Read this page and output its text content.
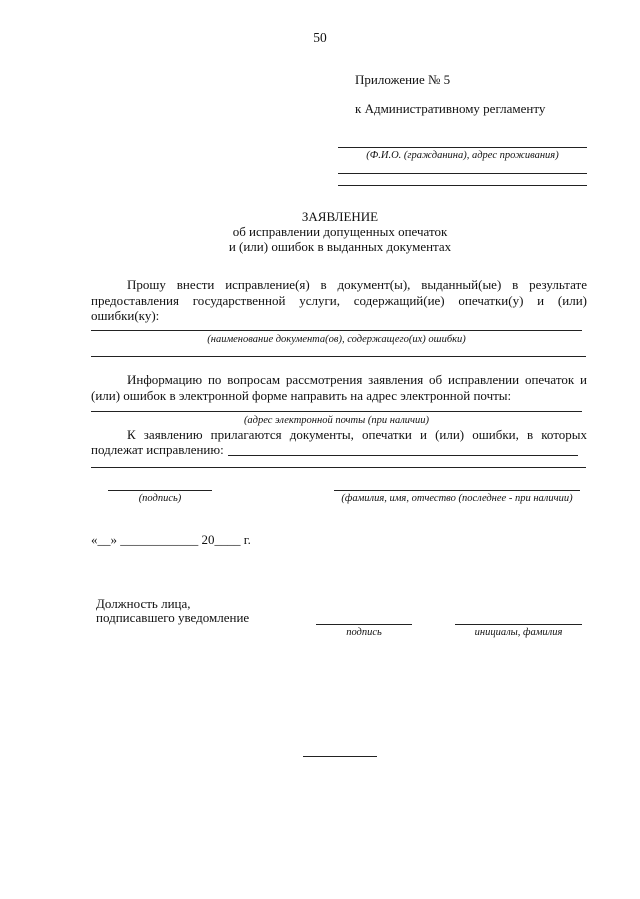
50
Приложение № 5
к Административному регламенту
(Ф.И.О. (гражданина), адрес проживания)
ЗАЯВЛЕНИЕ
об исправлении допущенных опечаток
и (или) ошибок в выданных документах
Прошу внести исправление(я) в документ(ы), выданный(ые) в результате
предоставления государственной услуги, содержащий(ие) опечатки(у) и (или)
ошибки(ку):
(наименование документа(ов), содержащего(их) ошибки)
Информацию по вопросам рассмотрения заявления об исправлении опечаток и
(или) ошибок в электронной форме направить на адрес электронной почты:
(адрес электронной почты (при наличии)
К заявлению прилагаются документы, опечатки и (или) ошибки, в которых
подлежат исправлению:
(подпись)	(фамилия, имя, отчество (последнее - при наличии)
«__» ____________ 20____ г.
Должность лица,
подписавшего уведомление
подпись	инициалы, фамилия
